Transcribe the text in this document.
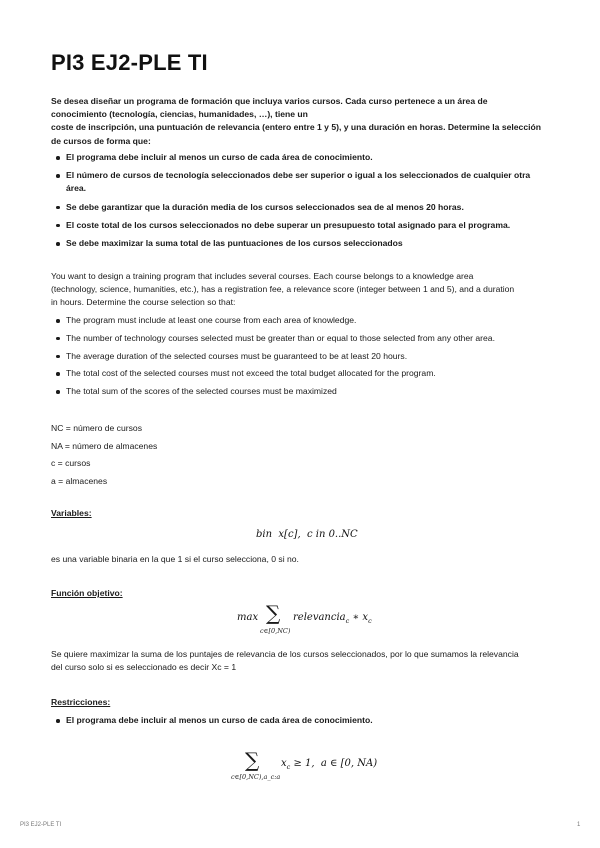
PI3 EJ2-PLE TI
Se desea diseñar un programa de formación que incluya varios cursos. Cada curso pertenece a un área de
conocimiento (tecnología, ciencias, humanidades, …), tiene un
coste de inscripción, una puntuación de relevancia (entero entre 1 y 5), y una duración en horas. Determine la selección
de cursos de forma que:
El programa debe incluir al menos un curso de cada área de conocimiento.
El número de cursos de tecnología seleccionados debe ser superior o igual a los seleccionados de cualquier otra
área.
Se debe garantizar que la duración media de los cursos seleccionados sea de al menos 20 horas.
El coste total de los cursos seleccionados no debe superar un presupuesto total asignado para el programa.
Se debe maximizar la suma total de las puntuaciones de los cursos seleccionados
You want to design a training program that includes several courses. Each course belongs to a knowledge area
(technology, science, humanities, etc.), has a registration fee, a relevance score (integer between 1 and 5), and a duration
in hours. Determine the course selection so that:
The program must include at least one course from each area of knowledge.
The number of technology courses selected must be greater than or equal to those selected from any other area.
The average duration of the selected courses must be guaranteed to be at least 20 hours.
The total cost of the selected courses must not exceed the total budget allocated for the program.
The total sum of the scores of the selected courses must be maximized
NC = número de cursos
NA = número de almacenes
c = cursos
a = almacenes
Variables:
bin  x[c],  c in 0..NC
es una variable binaria en la que 1 si el curso selecciona, 0 si no.
Función objetivo:
max ∑
c∈[0,NC)
relevancia$_c$ ∗ $x_c$
Se quiere maximizar la suma de los puntajes de relevancia de los cursos seleccionados, por lo que sumamos la relevancia
del curso solo si es seleccionado es decir Xc = 1
Restricciones:
El programa debe incluir al menos un curso de cada área de conocimiento.
∑
c∈[0,NC),a_c:a
$x_c \ge 1$,  a ∈ [0, NA)
PI3 EJ2-PLE TI	1
